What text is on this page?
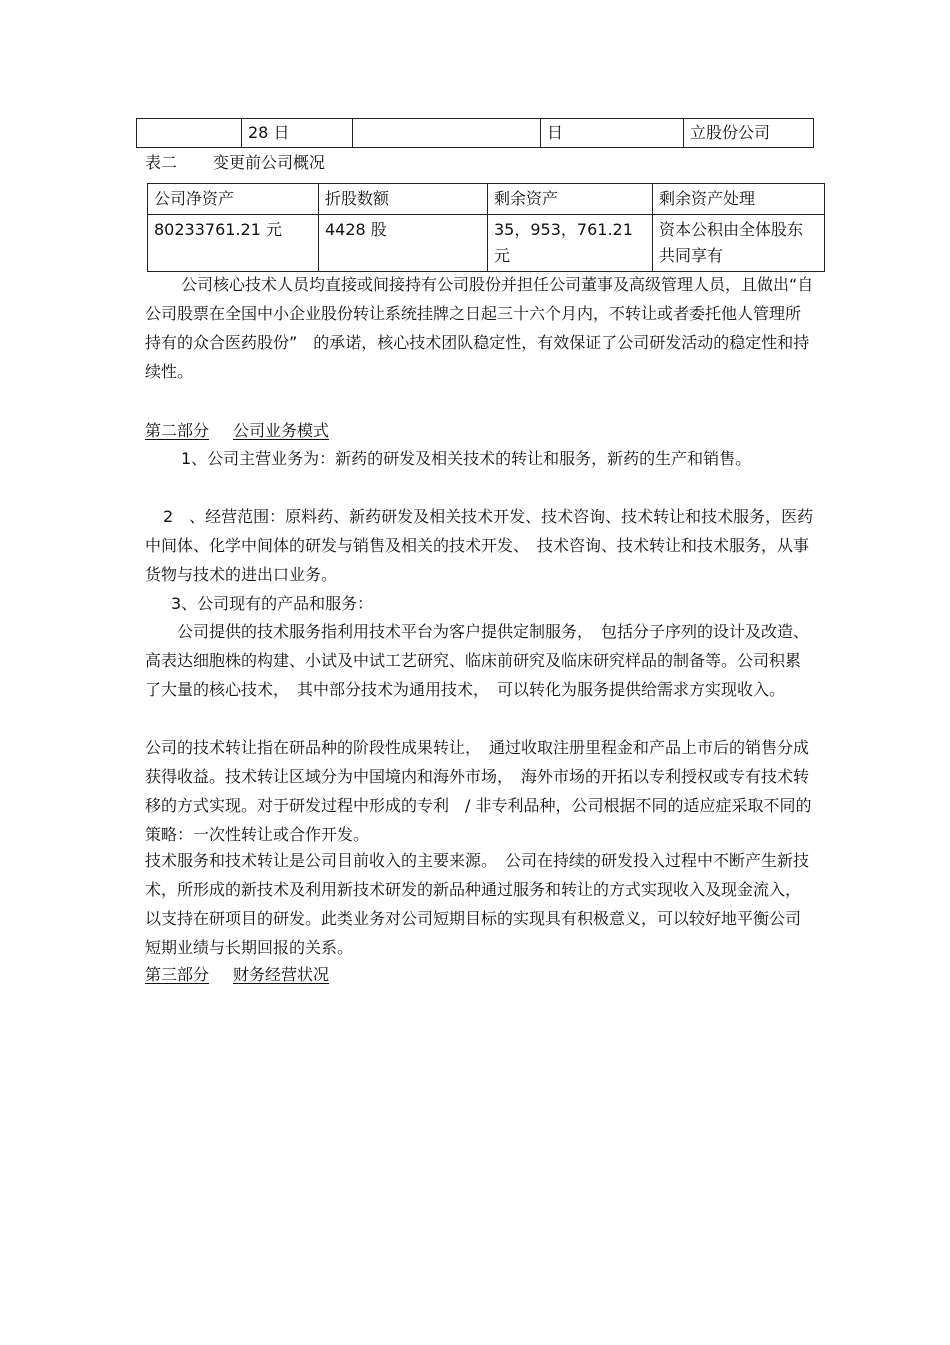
	28 日		日	立股份公司
表二 变更前公司概况
公司净资产	折股数额	剩余资产	剩余资产处理
80233761.21 元	4428 股	35，953，761.21 元	资本公积由全体股东共同享有

公司核心技术人员均直接或间接持有公司股份并担任公司董事及高级管理人员，且做出“自公司股票在全国中小企业股份转让系统挂牌之日起三十六个月内，不转让或者委托他人管理所持有的众合医药股份”　的承诺，核心技术团队稳定性，有效保证了公司研发活动的稳定性和持续性。

第二部分 公司业务模式

1、公司主营业务为：新药的研发及相关技术的转让和服务，新药的生产和销售。

2　、经营范围：原料药、新药研发及相关技术开发、技术咨询、技术转让和技术服务，医药中间体、化学中间体的研发与销售及相关的技术开发、　技术咨询、技术转让和技术服务，从事货物与技术的进出口业务。

3、公司现有的产品和服务：

公司提供的技术服务指利用技术平台为客户提供定制服务，　包括分子序列的设计及改造、高表达细胞株的构建、小试及中试工艺研究、临床前研究及临床研究样品的制备等。公司积累了大量的核心技术，　其中部分技术为通用技术，　可以转化为服务提供给需求方实现收入。

公司的技术转让指在研品种的阶段性成果转让，　通过收取注册里程金和产品上市后的销售分成获得收益。技术转让区域分为中国境内和海外市场，　海外市场的开拓以专利授权或专有技术转移的方式实现。对于研发过程中形成的专利　/ 非专利品种，公司根据不同的适应症采取不同的策略：一次性转让或合作开发。

技术服务和技术转让是公司目前收入的主要来源。　公司在持续的研发投入过程中不断产生新技术，所形成的新技术及利用新技术研发的新品种通过服务和转让的方式实现收入及现金流入，　以支持在研项目的研发。此类业务对公司短期目标的实现具有积极意义，可以较好地平衡公司短期业绩与长期回报的关系。

第三部分 财务经营状况
